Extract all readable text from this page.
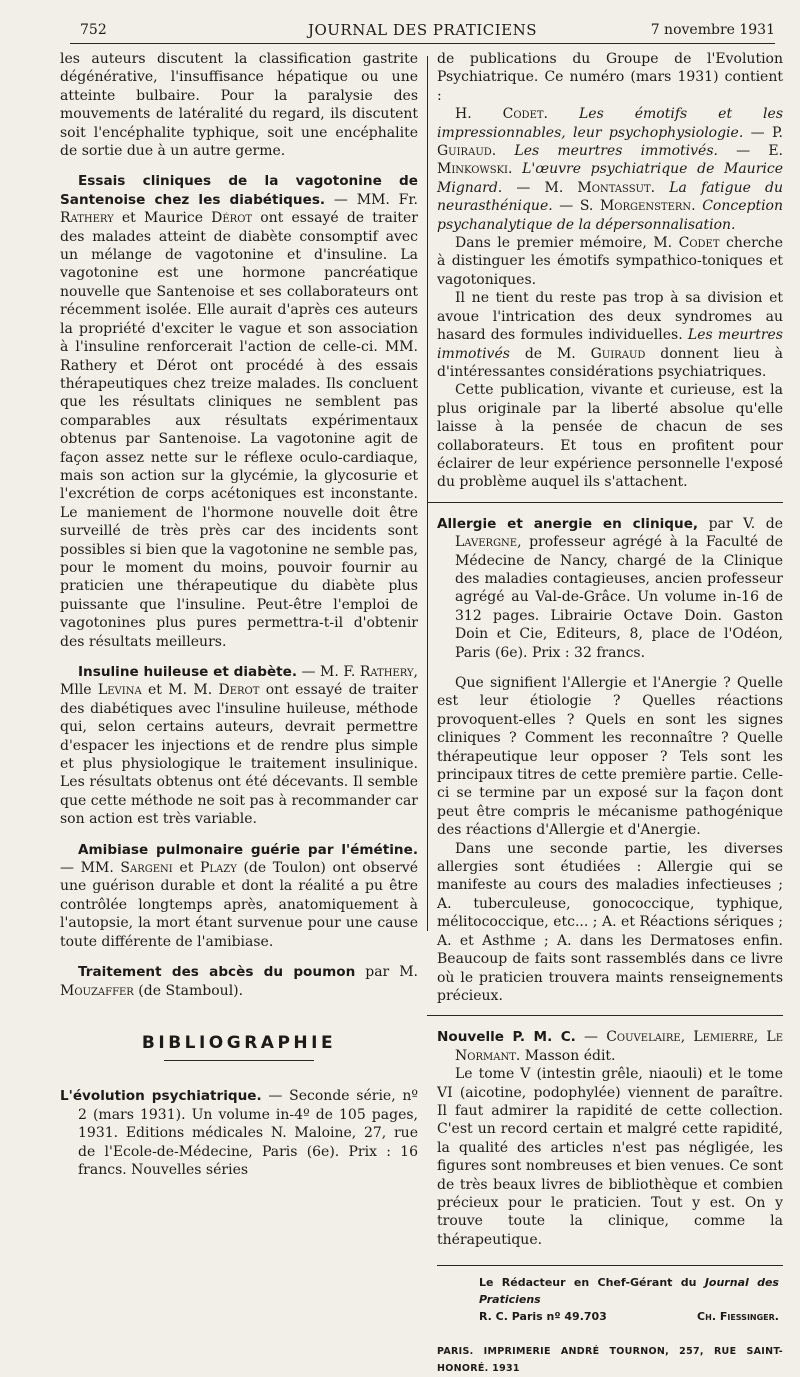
752	JOURNAL DES PRATICIENS	7 novembre 1931

les auteurs discutent la classification gastrite dégénérative, l'insuffisance hépatique ou une atteinte bulbaire. Pour la paralysie des mouvements de latéralité du regard, ils discutent soit l'encéphalite typhique, soit une encéphalite de sortie due à un autre germe.

Essais cliniques de la vagotonine de Santenoise chez les diabétiques. — MM. Fr. Rathery et Maurice Dérot ont essayé de traiter des malades atteint de diabète consomptif avec un mélange de vagotonine et d'insuline. La vagotonine est une hormone pancréatique nouvelle que Santenoise et ses collaborateurs ont récemment isolée. Elle aurait d'après ces auteurs la propriété d'exciter le vague et son association à l'insuline renforcerait l'action de celle-ci. MM. Rathery et Dérot ont procédé à des essais thérapeutiques chez treize malades. Ils concluent que les résultats cliniques ne semblent pas comparables aux résultats expérimentaux obtenus par Santenoise. La vagotonine agit de façon assez nette sur le réflexe oculo-cardiaque, mais son action sur la glycémie, la glycosurie et l'excrétion de corps acétoniques est inconstante. Le maniement de l'hormone nouvelle doit être surveillé de très près car des incidents sont possibles si bien que la vagotonine ne semble pas, pour le moment du moins, pouvoir fournir au praticien une thérapeutique du diabète plus puissante que l'insuline. Peut-être l'emploi de vagotonines plus pures permettra-t-il d'obtenir des résultats meilleurs.

Insuline huileuse et diabète. — M. F. Rathery, Mlle Levina et M. M. Derot ont essayé de traiter des diabétiques avec l'insuline huileuse, méthode qui, selon certains auteurs, devrait permettre d'espacer les injections et de rendre plus simple et plus physiologique le traitement insulinique. Les résultats obtenus ont été décevants. Il semble que cette méthode ne soit pas à recommander car son action est très variable.

Amibiase pulmonaire guérie par l'émétine. — MM. Sargeni et Plazy (de Toulon) ont observé une guérison durable et dont la réalité a pu être contrôlée longtemps après, anatomiquement à l'autopsie, la mort étant survenue pour une cause toute différente de l'amibiase.

Traitement des abcès du poumon par M. Mouzaffer (de Stamboul).

BIBLIOGRAPHIE

L'évolution psychiatrique. — Seconde série, nº 2 (mars 1931). Un volume in-4º de 105 pages, 1931. Editions médicales N. Maloine, 27, rue de l'Ecole-de-Médecine, Paris (6e). Prix : 16 francs. Nouvelles séries

de publications du Groupe de l'Evolution Psychiatrique. Ce numéro (mars 1931) contient :

H. Codet. Les émotifs et les impressionnables, leur psychophysiologie. — P. Guiraud. Les meurtres immotivés. — E. Minkowski. L'œuvre psychiatrique de Maurice Mignard. — M. Montassut. La fatigue du neurasthénique. — S. Morgenstern. Conception psychanalytique de la dépersonnalisation.

Dans le premier mémoire, M. Codet cherche à distinguer les émotifs sympathico-toniques et vagotoniques.

Il ne tient du reste pas trop à sa division et avoue l'intrication des deux syndromes au hasard des formules individuelles. Les meurtres immotivés de M. Guiraud donnent lieu à d'intéressantes considérations psychiatriques.

Cette publication, vivante et curieuse, est la plus originale par la liberté absolue qu'elle laisse à la pensée de chacun de ses collaborateurs. Et tous en profitent pour éclairer de leur expérience personnelle l'exposé du problème auquel ils s'attachent.

Allergie et anergie en clinique, par V. de Lavergne, professeur agrégé à la Faculté de Médecine de Nancy, chargé de la Clinique des maladies contagieuses, ancien professeur agrégé au Val-de-Grâce. Un volume in-16 de 312 pages. Librairie Octave Doin. Gaston Doin et Cie, Editeurs, 8, place de l'Odéon, Paris (6e). Prix : 32 francs.

Que signifient l'Allergie et l'Anergie ? Quelle est leur étiologie ? Quelles réactions provoquent-elles ? Quels en sont les signes cliniques ? Comment les reconnaître ? Quelle thérapeutique leur opposer ? Tels sont les principaux titres de cette première partie. Celle-ci se termine par un exposé sur la façon dont peut être compris le mécanisme pathogénique des réactions d'Allergie et d'Anergie.

Dans une seconde partie, les diverses allergies sont étudiées : Allergie qui se manifeste au cours des maladies infectieuses ; A. tuberculeuse, gonococcique, typhique, mélitococcique, etc... ; A. et Réactions sériques ; A. et Asthme ; A. dans les Dermatoses enfin. Beaucoup de faits sont rassemblés dans ce livre où le praticien trouvera maints renseignements précieux.

Nouvelle P. M. C. — Couvelaire, Lemierre, Le Normant. Masson édit.

Le tome V (intestin grêle, niaouli) et le tome VI (aicotine, podophylée) viennent de paraître. Il faut admirer la rapidité de cette collection. C'est un record certain et malgré cette rapidité, la qualité des articles n'est pas négligée, les figures sont nombreuses et bien venues. Ce sont de très beaux livres de bibliothèque et combien précieux pour le praticien. Tout y est. On y trouve toute la clinique, comme la thérapeutique.

Le Rédacteur en Chef-Gérant du Journal des Praticiens
R. C. Paris nº 49.703	Ch. Fiessinger.
PARIS. IMPRIMERIE ANDRÉ TOURNON, 257, RUE SAINT-HONORÉ. 1931
